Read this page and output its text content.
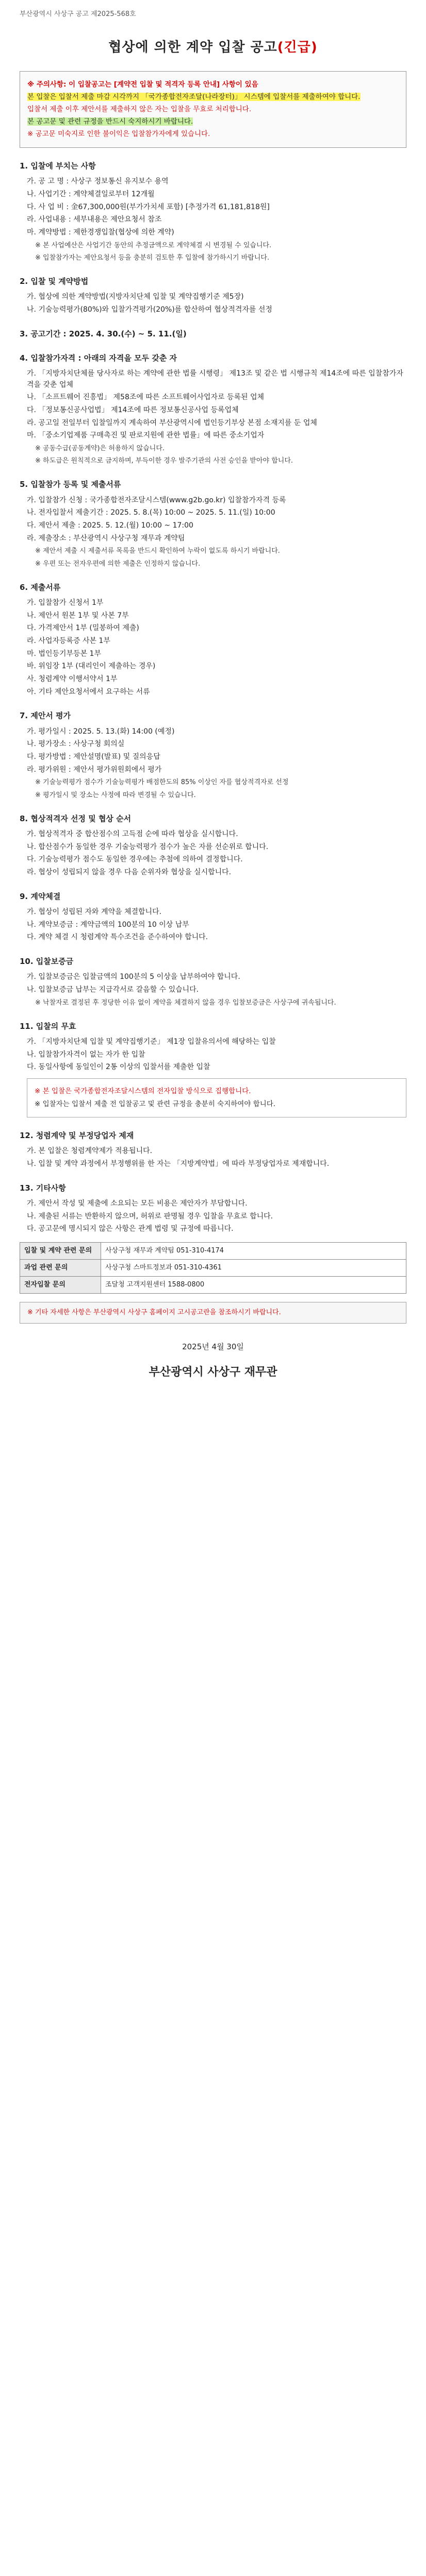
부산광역시 사상구 공고 제2025-568호
협상에 의한 계약 입찰 공고(긴급)

※ 주의사항: 이 입찰공고는 [계약전 입찰 및 적격자 등록 안내] 사항이 있음

본 입찰은 입찰서 제출 마감 시각까지 「국가종합전자조달(나라장터)」 시스템에 입찰서를 제출하여야 합니다.

입찰서 제출 이후 제안서를 제출하지 않은 자는 입찰을 무효로 처리합니다.

본 공고문 및 관련 규정을 반드시 숙지하시기 바랍니다.

※ 공고문 미숙지로 인한 불이익은 입찰참가자에게 있습니다.

1. 입찰에 부치는 사항
가. 공 고 명 : 사상구 정보통신 유지보수 용역
나. 사업기간 : 계약체결일로부터 12개월
다. 사 업 비 : 金67,300,000원(부가가치세 포함) [추정가격 61,181,818원]
라. 사업내용 : 세부내용은 제안요청서 참조
마. 계약방법 : 제한경쟁입찰(협상에 의한 계약)
※ 본 사업예산은 사업기간 동안의 추정금액으로 계약체결 시 변경될 수 있습니다.
※ 입찰참가자는 제안요청서 등을 충분히 검토한 후 입찰에 참가하시기 바랍니다.
2. 입찰 및 계약방법
가. 협상에 의한 계약방법(지방자치단체 입찰 및 계약집행기준 제5장)
나. 기술능력평가(80%)와 입찰가격평가(20%)를 합산하여 협상적격자를 선정
3. 공고기간 : 2025. 4. 30.(수) ~ 5. 11.(일)
4. 입찰참가자격 : 아래의 자격을 모두 갖춘 자
가. 「지방자치단체를 당사자로 하는 계약에 관한 법률 시행령」 제13조 및 같은 법 시행규칙 제14조에 따른 입찰참가자격을 갖춘 업체
나. 「소프트웨어 진흥법」 제58조에 따른 소프트웨어사업자로 등록된 업체
다. 「정보통신공사업법」 제14조에 따른 정보통신공사업 등록업체
라. 공고일 전일부터 입찰일까지 계속하여 부산광역시에 법인등기부상 본점 소재지를 둔 업체
마. 「중소기업제품 구매촉진 및 판로지원에 관한 법률」에 따른 중소기업자
※ 공동수급(공동계약)은 허용하지 않습니다.
※ 하도급은 원칙적으로 금지하며, 부득이한 경우 발주기관의 사전 승인을 받아야 합니다.
5. 입찰참가 등록 및 제출서류
가. 입찰참가 신청 : 국가종합전자조달시스템(www.g2b.go.kr) 입찰참가자격 등록
나. 전자입찰서 제출기간 : 2025. 5. 8.(목) 10:00 ~ 2025. 5. 11.(일) 10:00
다. 제안서 제출 : 2025. 5. 12.(월) 10:00 ~ 17:00
라. 제출장소 : 부산광역시 사상구청 재무과 계약팀
※ 제안서 제출 시 제출서류 목록을 반드시 확인하여 누락이 없도록 하시기 바랍니다.
※ 우편 또는 전자우편에 의한 제출은 인정하지 않습니다.
6. 제출서류
가. 입찰참가 신청서 1부
나. 제안서 원본 1부 및 사본 7부
다. 가격제안서 1부 (밀봉하여 제출)
라. 사업자등록증 사본 1부
마. 법인등기부등본 1부
바. 위임장 1부 (대리인이 제출하는 경우)
사. 청렴계약 이행서약서 1부
아. 기타 제안요청서에서 요구하는 서류
7. 제안서 평가
가. 평가일시 : 2025. 5. 13.(화) 14:00 (예정)
나. 평가장소 : 사상구청 회의실
다. 평가방법 : 제안설명(발표) 및 질의응답
라. 평가위원 : 제안서 평가위원회에서 평가
※ 기술능력평가 점수가 기술능력평가 배점한도의 85% 이상인 자를 협상적격자로 선정
※ 평가일시 및 장소는 사정에 따라 변경될 수 있습니다.
8. 협상적격자 선정 및 협상 순서
가. 협상적격자 중 합산점수의 고득점 순에 따라 협상을 실시합니다.
나. 합산점수가 동일한 경우 기술능력평가 점수가 높은 자를 선순위로 합니다.
다. 기술능력평가 점수도 동일한 경우에는 추첨에 의하여 결정합니다.
라. 협상이 성립되지 않을 경우 다음 순위자와 협상을 실시합니다.
9. 계약체결
가. 협상이 성립된 자와 계약을 체결합니다.
나. 계약보증금 : 계약금액의 100분의 10 이상 납부
다. 계약 체결 시 청렴계약 특수조건을 준수하여야 합니다.
10. 입찰보증금
가. 입찰보증금은 입찰금액의 100분의 5 이상을 납부하여야 합니다.
나. 입찰보증금 납부는 지급각서로 갈음할 수 있습니다.
※ 낙찰자로 결정된 후 정당한 이유 없이 계약을 체결하지 않을 경우 입찰보증금은 사상구에 귀속됩니다.
11. 입찰의 무효
가. 「지방자치단체 입찰 및 계약집행기준」 제1장 입찰유의서에 해당하는 입찰
나. 입찰참가자격이 없는 자가 한 입찰
다. 동일사항에 동일인이 2통 이상의 입찰서를 제출한 입찰

※ 본 입찰은 국가종합전자조달시스템의 전자입찰 방식으로 집행합니다.

※ 입찰자는 입찰서 제출 전 입찰공고 및 관련 규정을 충분히 숙지하여야 합니다.

12. 청렴계약 및 부정당업자 제재
가. 본 입찰은 청렴계약제가 적용됩니다.
나. 입찰 및 계약 과정에서 부정행위를 한 자는 「지방계약법」에 따라 부정당업자로 제재합니다.
13. 기타사항
가. 제안서 작성 및 제출에 소요되는 모든 비용은 제안자가 부담합니다.
나. 제출된 서류는 반환하지 않으며, 허위로 판명될 경우 입찰을 무효로 합니다.
다. 공고문에 명시되지 않은 사항은 관계 법령 및 규정에 따릅니다.
입찰 및 계약 관련 문의	사상구청 재무과 계약팀 051-310-4174
과업 관련 문의	사상구청 스마트정보과 051-310-4361
전자입찰 문의	조달청 고객지원센터 1588-0800
※ 기타 자세한 사항은 부산광역시 사상구 홈페이지 고시공고란을 참조하시기 바랍니다.
2025년 4월 30일
부산광역시 사상구 재무관
